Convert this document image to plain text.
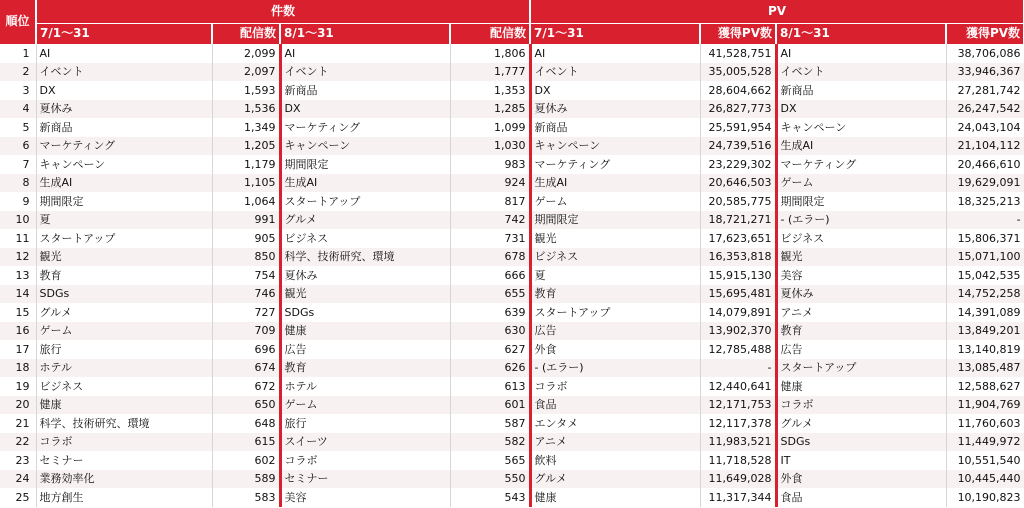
順位	件数				PV			
	7/1～31	配信数	8/1～31	配信数	7/1～31	獲得PV数	8/1～31	獲得PV数
1	AI	2,099	AI	1,806	AI	41,528,751	AI	38,706,086
2	イベント	2,097	イベント	1,777	イベント	35,005,528	イベント	33,946,367
3	DX	1,593	新商品	1,353	DX	28,604,662	新商品	27,281,742
4	夏休み	1,536	DX	1,285	夏休み	26,827,773	DX	26,247,542
5	新商品	1,349	マーケティング	1,099	新商品	25,591,954	キャンペーン	24,043,104
6	マーケティング	1,205	キャンペーン	1,030	キャンペーン	24,739,516	生成AI	21,104,112
7	キャンペーン	1,179	期間限定	983	マーケティング	23,229,302	マーケティング	20,466,610
8	生成AI	1,105	生成AI	924	生成AI	20,646,503	ゲーム	19,629,091
9	期間限定	1,064	スタートアップ	817	ゲーム	20,585,775	期間限定	18,325,213
10	夏	991	グルメ	742	期間限定	18,721,271	- (エラー)	-
11	スタートアップ	905	ビジネス	731	観光	17,623,651	ビジネス	15,806,371
12	観光	850	科学、技術研究、環境	678	ビジネス	16,353,818	観光	15,071,100
13	教育	754	夏休み	666	夏	15,915,130	美容	15,042,535
14	SDGs	746	観光	655	教育	15,695,481	夏休み	14,752,258
15	グルメ	727	SDGs	639	スタートアップ	14,079,891	アニメ	14,391,089
16	ゲーム	709	健康	630	広告	13,902,370	教育	13,849,201
17	旅行	696	広告	627	外食	12,785,488	広告	13,140,819
18	ホテル	674	教育	626	- (エラー)	-	スタートアップ	13,085,487
19	ビジネス	672	ホテル	613	コラボ	12,440,641	健康	12,588,627
20	健康	650	ゲーム	601	食品	12,171,753	コラボ	11,904,769
21	科学、技術研究、環境	648	旅行	587	エンタメ	12,117,378	グルメ	11,760,603
22	コラボ	615	スイーツ	582	アニメ	11,983,521	SDGs	11,449,972
23	セミナー	602	コラボ	565	飲料	11,718,528	IT	10,551,540
24	業務効率化	589	セミナー	550	グルメ	11,649,028	外食	10,445,440
25	地方創生	583	美容	543	健康	11,317,344	食品	10,190,823
